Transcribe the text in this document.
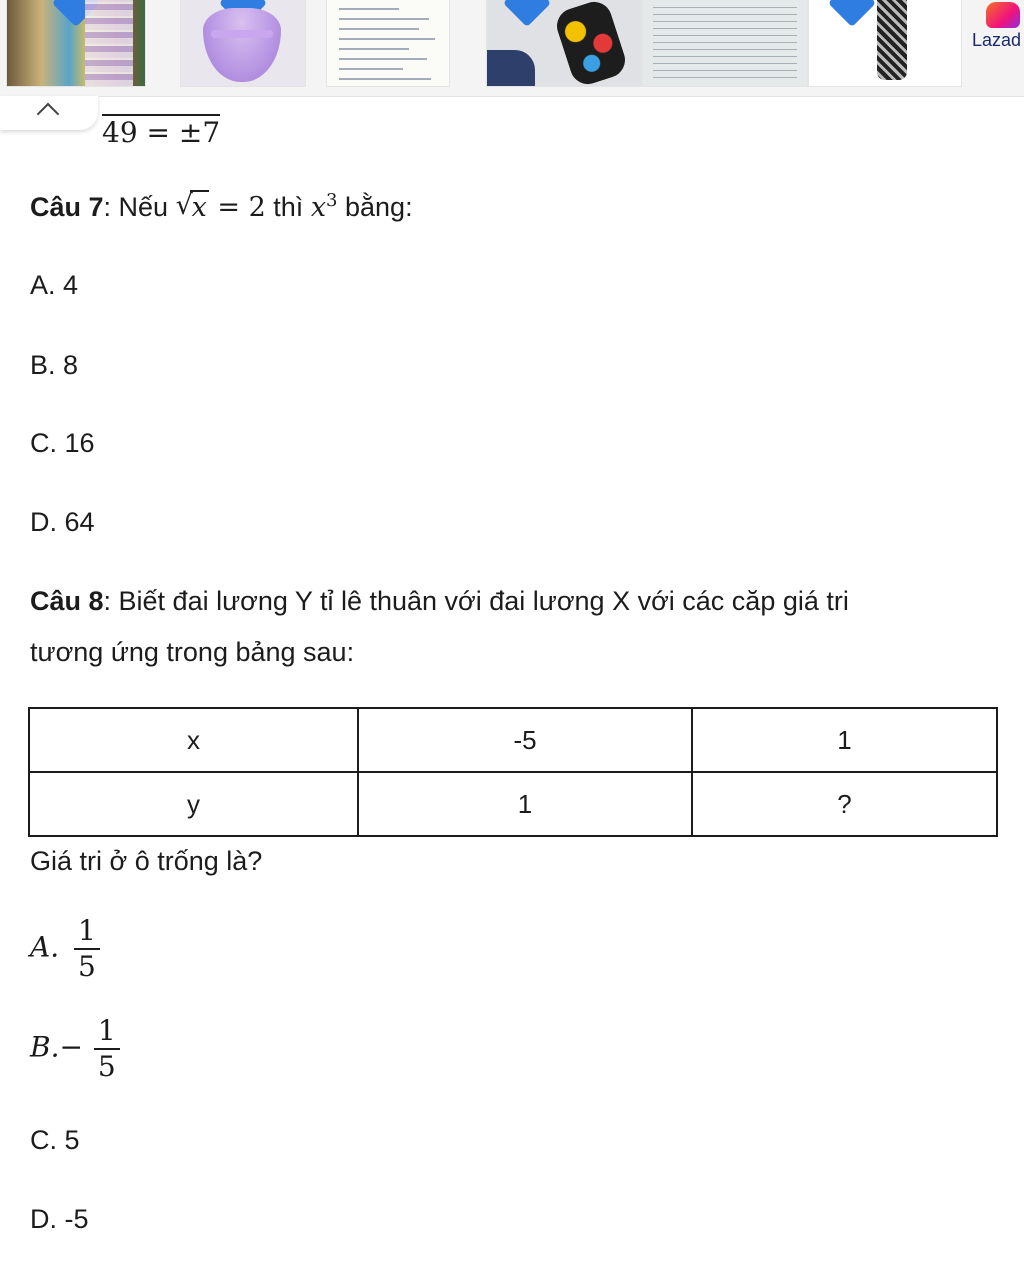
Lazad
49 = ±7
Câu 7: Nếu √
x = 2 thì $x^3$ bằng:
A. 4
B. 8
C. 16
D. 64
Câu 8: Biết đai lương Y tỉ lê thuân với đai lương X với các căp giá tri
tương ứng trong bảng sau:
x	-5	1
y	1	?
Giá tri ở ô trống là?
A. $\frac{1}{5}$
$B.- \frac{1}{5}$
C. 5
D. -5
